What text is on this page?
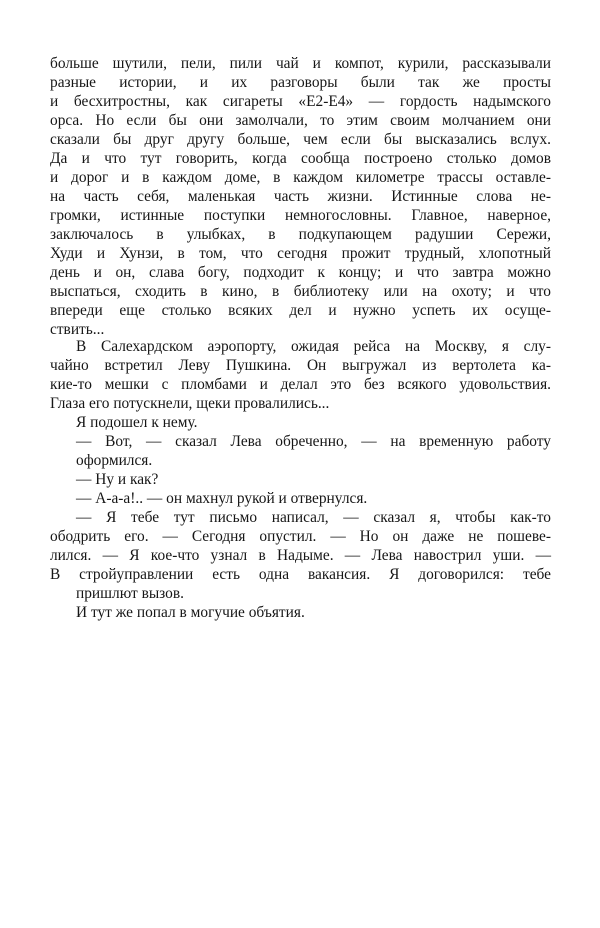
больше шутили, пели, пили чай и компот, курили, рассказывали
разные истории, и их разговоры были так же просты
и бесхитростны, как сигареты «Е2-Е4» — гордость надымского
орса. Но если бы они замолчали, то этим своим молчанием они
сказали бы друг другу больше, чем если бы высказались вслух.
Да и что тут говорить, когда сообща построено столько домов
и дорог и в каждом доме, в каждом километре трассы оставле-
на часть себя, маленькая часть жизни. Истинные слова не-
громки, истинные поступки немногословны. Главное, наверное,
заключалось в улыбках, в подкупающем радушии Сережи,
Худи и Хунзи, в том, что сегодня прожит трудный, хлопотный
день и он, слава богу, подходит к концу; и что завтра можно
выспаться, сходить в кино, в библиотеку или на охоту; и что
впереди еще столько всяких дел и нужно успеть их осуще-
ствить...
В Салехардском аэропорту, ожидая рейса на Москву, я слу-
чайно встретил Леву Пушкина. Он выгружал из вертолета ка-
кие-то мешки с пломбами и делал это без всякого удовольствия.
Глаза его потускнели, щеки провалились...
Я подошел к нему.
— Вот, — сказал Лева обреченно, — на временную работу
оформился.
— Ну и как?
— А-а-а!.. — он махнул рукой и отвернулся.
— Я тебе тут письмо написал, — сказал я, чтобы как-то
ободрить его. — Сегодня опустил. — Но он даже не пошеве-
лился. — Я кое-что узнал в Надыме. — Лева навострил уши. —
В стройуправлении есть одна вакансия. Я договорился: тебе
пришлют вызов.
И тут же попал в могучие объятия.
